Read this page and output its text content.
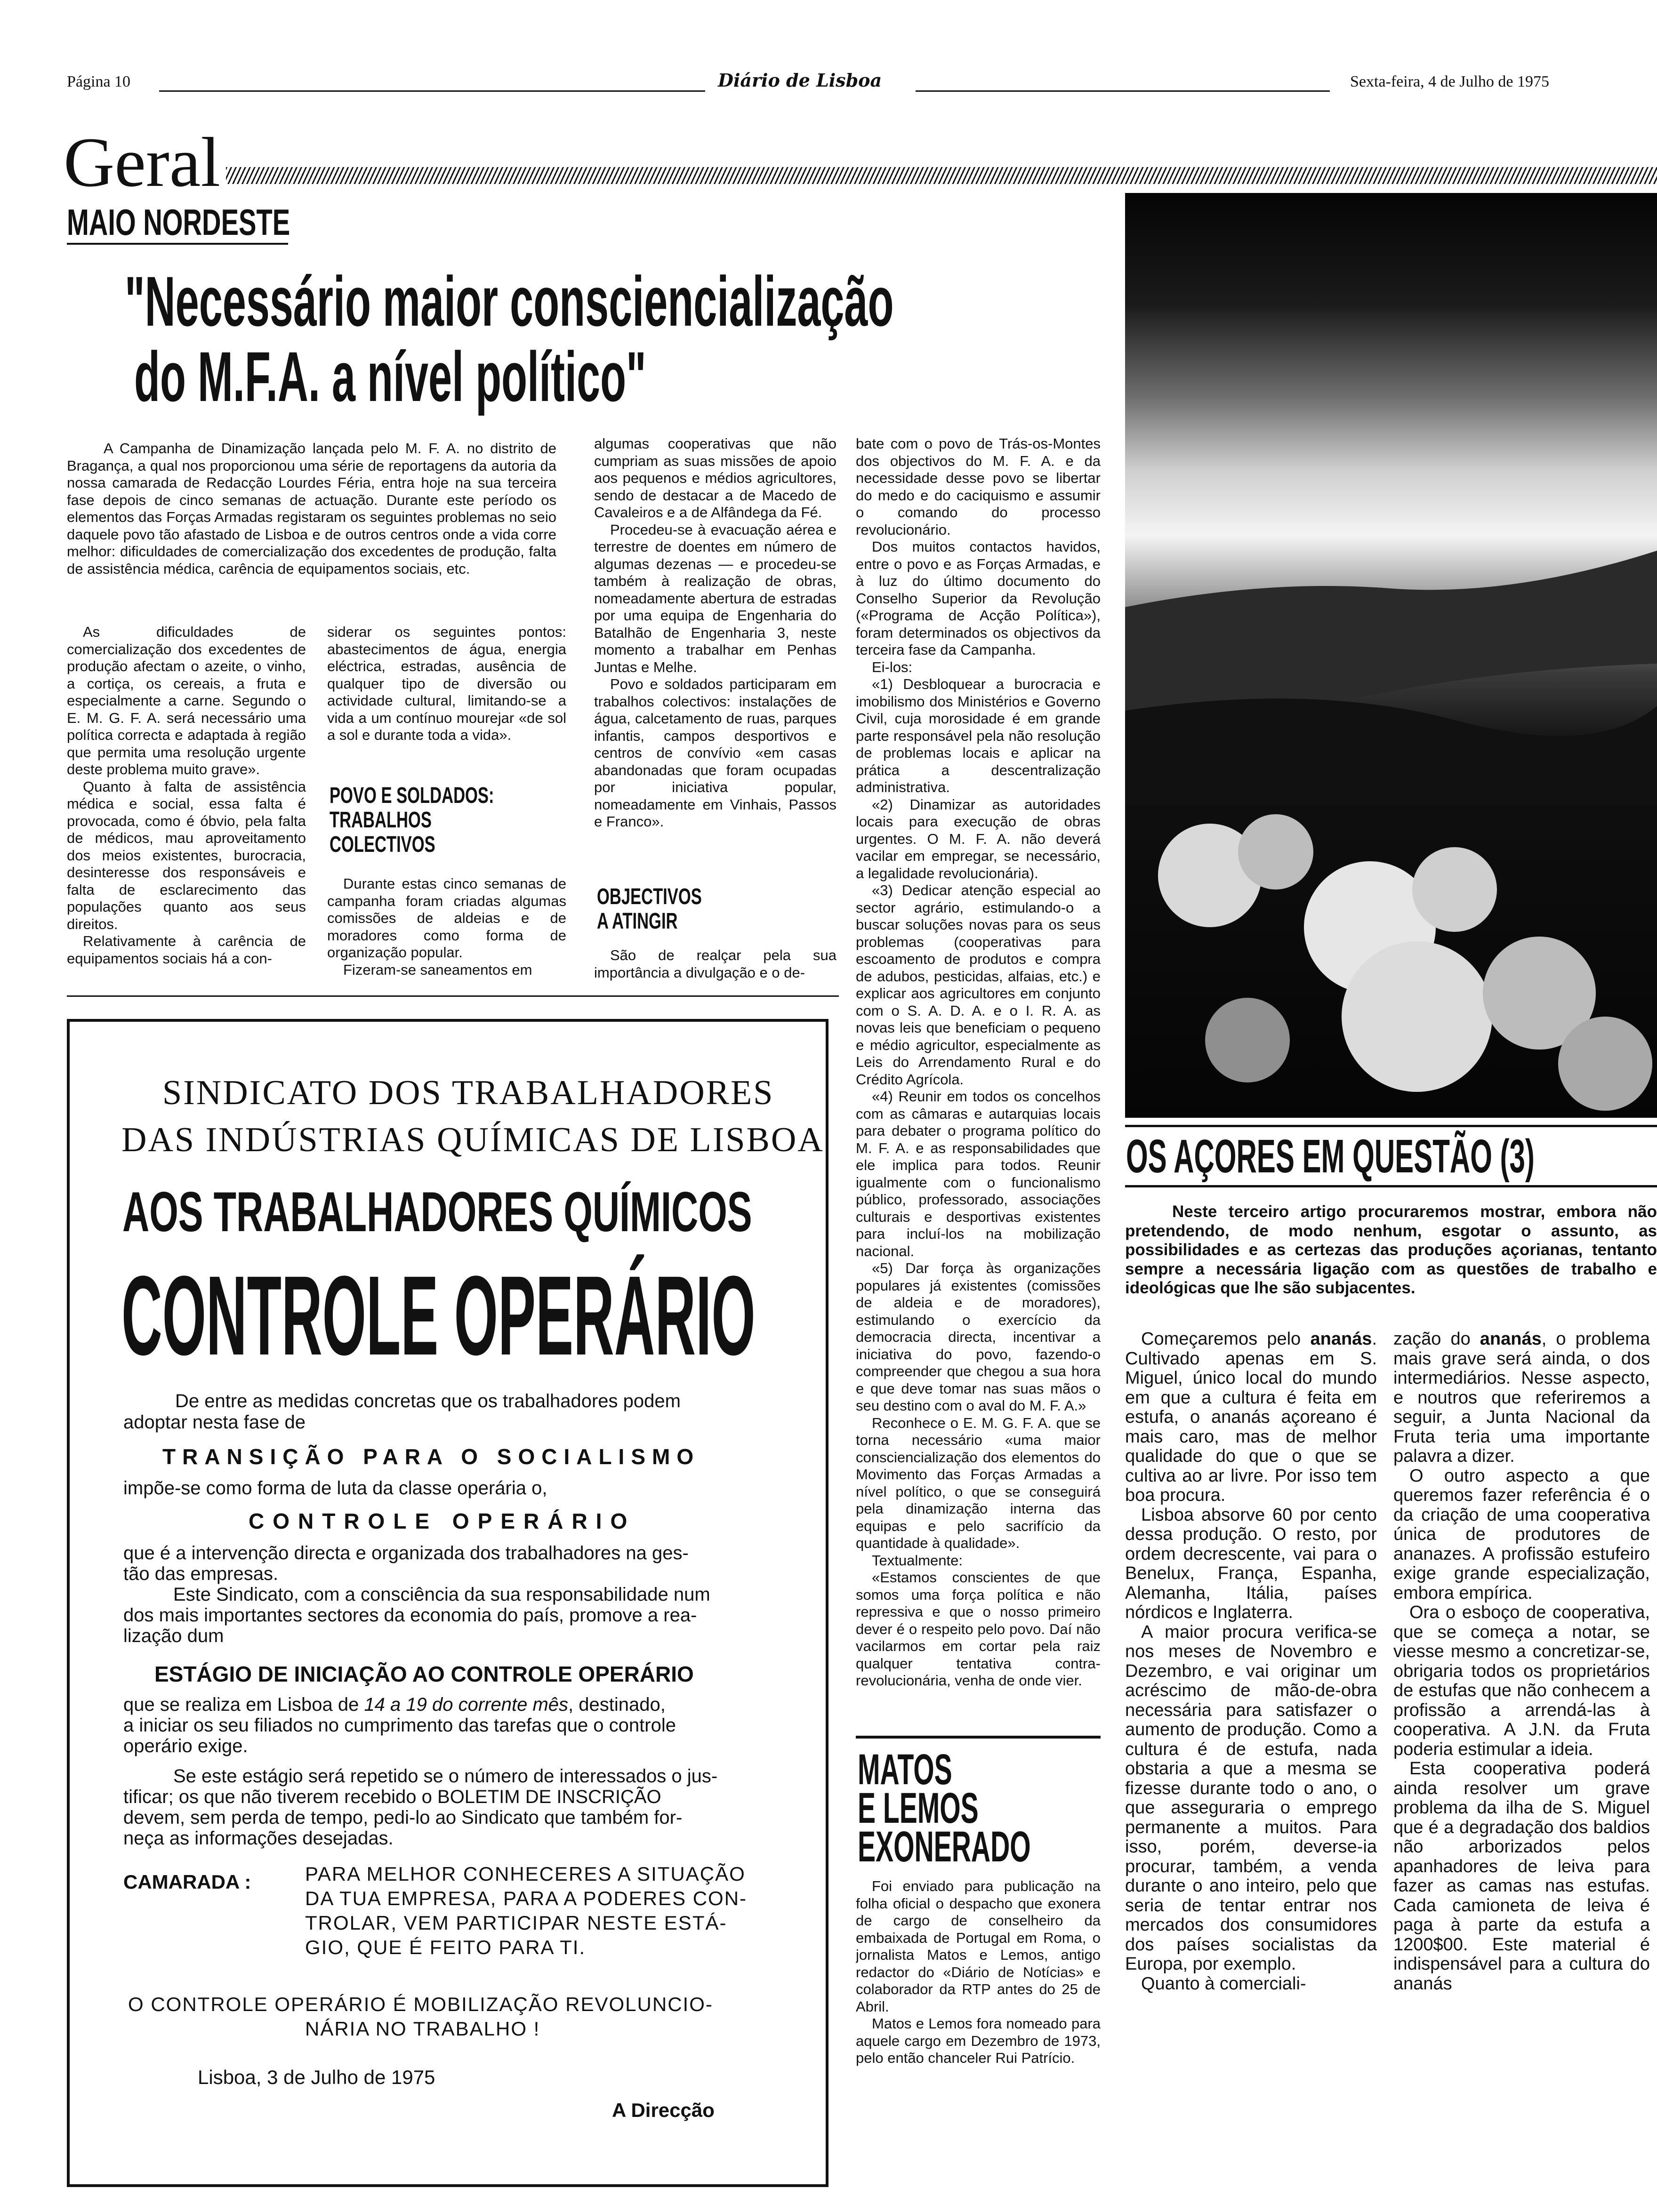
Página 10	Diário de Lisboa	Sexta-feira, 4 de Julho de 1975
Geral
MAIO NORDESTE
"Necessário maior consciencialização
do M.F.A. a nível político"

A Campanha de Dinamização lançada pelo M. F. A. no distrito de Bragança, a qual nos proporcionou uma série de reportagens da autoria da nossa camarada de Redacção Lourdes Féria, entra hoje na sua terceira fase depois de cinco semanas de actuação. Durante este período os elementos das Forças Armadas registaram os seguintes problemas no seio daquele povo tão afastado de Lisboa e de outros centros onde a vida corre melhor: dificuldades de comercialização dos excedentes de produção, falta de assistência médica, carência de equipamentos sociais, etc.

As dificuldades de comercialização dos excedentes de produção afectam o azeite, o vinho, a cortiça, os cereais, a fruta e especialmente a carne. Segundo o E. M. G. F. A. será necessário uma política correcta e adaptada à região que permita uma resolução urgente deste problema muito grave».

Quanto à falta de assistência médica e social, essa falta é provocada, como é óbvio, pela falta de médicos, mau aproveitamento dos meios existentes, burocracia, desinteresse dos responsáveis e falta de esclarecimento das populações quanto aos seus direitos.

Relativamente à carência de equipamentos sociais há a con-

siderar os seguintes pontos: abastecimentos de água, energia eléctrica, estradas, ausência de qualquer tipo de diversão ou actividade cultural, limitando-se a vida a um contínuo mourejar «de sol a sol e durante toda a vida».

POVO E SOLDADOS:
TRABALHOS
COLECTIVOS

Durante estas cinco semanas de campanha foram criadas algumas comissões de aldeias e de moradores como forma de organização popular.

Fizeram-se saneamentos em

algumas cooperativas que não cumpriam as suas missões de apoio aos pequenos e médios agricultores, sendo de destacar a de Macedo de Cavaleiros e a de Alfândega da Fé.

Procedeu-se à evacuação aérea e terrestre de doentes em número de algumas dezenas — e procedeu-se também à realização de obras, nomeadamente abertura de estradas por uma equipa de Engenharia do Batalhão de Engenharia 3, neste momento a trabalhar em Penhas Juntas e Melhe.

Povo e soldados participaram em trabalhos colectivos: instalações de água, calcetamento de ruas, parques infantis, campos desportivos e centros de convívio «em casas abandonadas que foram ocupadas por iniciativa popular, nomeadamente em Vinhais, Passos e Franco».

OBJECTIVOS
A ATINGIR

São de realçar pela sua importância a divulgação e o de-

bate com o povo de Trás-os-Montes dos objectivos do M. F. A. e da necessidade desse povo se libertar do medo e do caciquismo e assumir o comando do processo revolucionário.

Dos muitos contactos havidos, entre o povo e as Forças Armadas, e à luz do último documento do Conselho Superior da Revolução («Programa de Acção Política»), foram determinados os objectivos da terceira fase da Campanha.

Ei-los:

«1) Desbloquear a burocracia e imobilismo dos Ministérios e Governo Civil, cuja morosidade é em grande parte responsável pela não resolução de problemas locais e aplicar na prática a descentralização administrativa.

«2) Dinamizar as autoridades locais para execução de obras urgentes. O M. F. A. não deverá vacilar em empregar, se necessário, a legalidade revolucionária).

«3) Dedicar atenção especial ao sector agrário, estimulando-o a buscar soluções novas para os seus problemas (cooperativas para escoamento de produtos e compra de adubos, pesticidas, alfaias, etc.) e explicar aos agricultores em conjunto com o S. A. D. A. e o I. R. A. as novas leis que beneficiam o pequeno e médio agricultor, especialmente as Leis do Arrendamento Rural e do Crédito Agrícola.

«4) Reunir em todos os concelhos com as câmaras e autarquias locais para debater o programa político do M. F. A. e as responsabilidades que ele implica para todos. Reunir igualmente com o funcionalismo público, professorado, associações culturais e desportivas existentes para incluí-los na mobilização nacional.

«5) Dar força às organizações populares já existentes (comissões de aldeia e de moradores), estimulando o exercício da democracia directa, incentivar a iniciativa do povo, fazendo-o compreender que chegou a sua hora e que deve tomar nas suas mãos o seu destino com o aval do M. F. A.»

Reconhece o E. M. G. F. A. que se torna necessário «uma maior consciencialização dos elementos do Movimento das Forças Armadas a nível político, o que se conseguirá pela dinamização interna das equipas e pelo sacrifício da quantidade à qualidade».

Textualmente:

«Estamos conscientes de que somos uma força política e não repressiva e que o nosso primeiro dever é o respeito pelo povo. Daí não vacilarmos em cortar pela raiz qualquer tentativa contra-revolucionária, venha de onde vier.

MATOS
E LEMOS
EXONERADO

Foi enviado para publicação na folha oficial o despacho que exonera de cargo de conselheiro da embaixada de Portugal em Roma, o jornalista Matos e Lemos, antigo redactor do «Diário de Notícias» e colaborador da RTP antes do 25 de Abril.

Matos e Lemos fora nomeado para aquele cargo em Dezembro de 1973, pelo então chanceler Rui Patrício.

OS AÇORES EM QUESTÃO (3)

Neste terceiro artigo procuraremos mostrar, embora não pretendendo, de modo nenhum, esgotar o assunto, as possibilidades e as certezas das produções açorianas, tentanto sempre a necessária ligação com as questões de trabalho e ideológicas que lhe são subjacentes.

Começaremos pelo ananás. Cultivado apenas em S. Miguel, único local do mundo em que a cultura é feita em estufa, o ananás açoreano é mais caro, mas de melhor qualidade do que o que se cultiva ao ar livre. Por isso tem boa procura.

Lisboa absorve 60 por cento dessa produção. O resto, por ordem decrescente, vai para o Benelux, França, Espanha, Alemanha, Itália, países nórdicos e Inglaterra.

A maior procura verifica-se nos meses de Novembro e Dezembro, e vai originar um acréscimo de mão-de-obra necessária para satisfazer o aumento de produção. Como a cultura é de estufa, nada obstaria a que a mesma se fizesse durante todo o ano, o que asseguraria o emprego permanente a muitos. Para isso, porém, deverse-ia procurar, também, a venda durante o ano inteiro, pelo que seria de tentar entrar nos mercados dos consumidores dos países socialistas da Europa, por exemplo.

Quanto à comerciali-

zação do ananás, o problema mais grave será ainda, o dos intermediários. Nesse aspecto, e noutros que referiremos a seguir, a Junta Nacional da Fruta teria uma importante palavra a dizer.

O outro aspecto a que queremos fazer referência é o da criação de uma cooperativa única de produtores de ananazes. A profissão estufeiro exige grande especialização, embora empírica.

Ora o esboço de cooperativa, que se começa a notar, se viesse mesmo a concretizar-se, obrigaria todos os proprietários de estufas que não conhecem a profissão a arrendá-las à cooperativa. A J.N. da Fruta poderia estimular a ideia.

Esta cooperativa poderá ainda resolver um grave problema da ilha de S. Miguel que é a degradação dos baldios não arborizados pelos apanhadores de leiva para fazer as camas nas estufas. Cada camioneta de leiva é paga à parte da estufa a 1200$00. Este material é indispensável para a cultura do ananás

SINDICATO DOS TRABALHADORES
DAS INDÚSTRIAS QUÍMICAS DE LISBOA
AOS TRABALHADORES QUÍMICOS
CONTROLE OPERÁRIO
De entre as medidas concretas que os trabalhadores podem
adoptar nesta fase de
TRANSIÇÃO PARA O SOCIALISMO
impõe-se como forma de luta da classe operária o,
CONTROLE OPERÁRIO
que é a intervenção directa e organizada dos trabalhadores na ges-
tão das empresas.
Este Sindicato, com a consciência da sua responsabilidade num
dos mais importantes sectores da economia do país, promove a rea-
lização dum
ESTÁGIO DE INICIAÇÃO AO CONTROLE OPERÁRIO
que se realiza em Lisboa de 14 a 19 do corrente mês, destinado,
a iniciar os seu filiados no cumprimento das tarefas que o controle
operário exige.
Se este estágio será repetido se o número de interessados o jus-
tificar; os que não tiverem recebido o BOLETIM DE INSCRIÇÃO
devem, sem perda de tempo, pedi-lo ao Sindicato que também for-
neça as informações desejadas.
CAMARADA :	PARA MELHOR CONHECERES A SITUAÇÃO
DA TUA EMPRESA, PARA A PODERES CON-
TROLAR, VEM PARTICIPAR NESTE ESTÁ-
GIO, QUE É FEITO PARA TI.
O CONTROLE OPERÁRIO É MOBILIZAÇÃO REVOLUNCIO-
NÁRIA NO TRABALHO !
Lisboa, 3 de Julho de 1975
A Direcção
